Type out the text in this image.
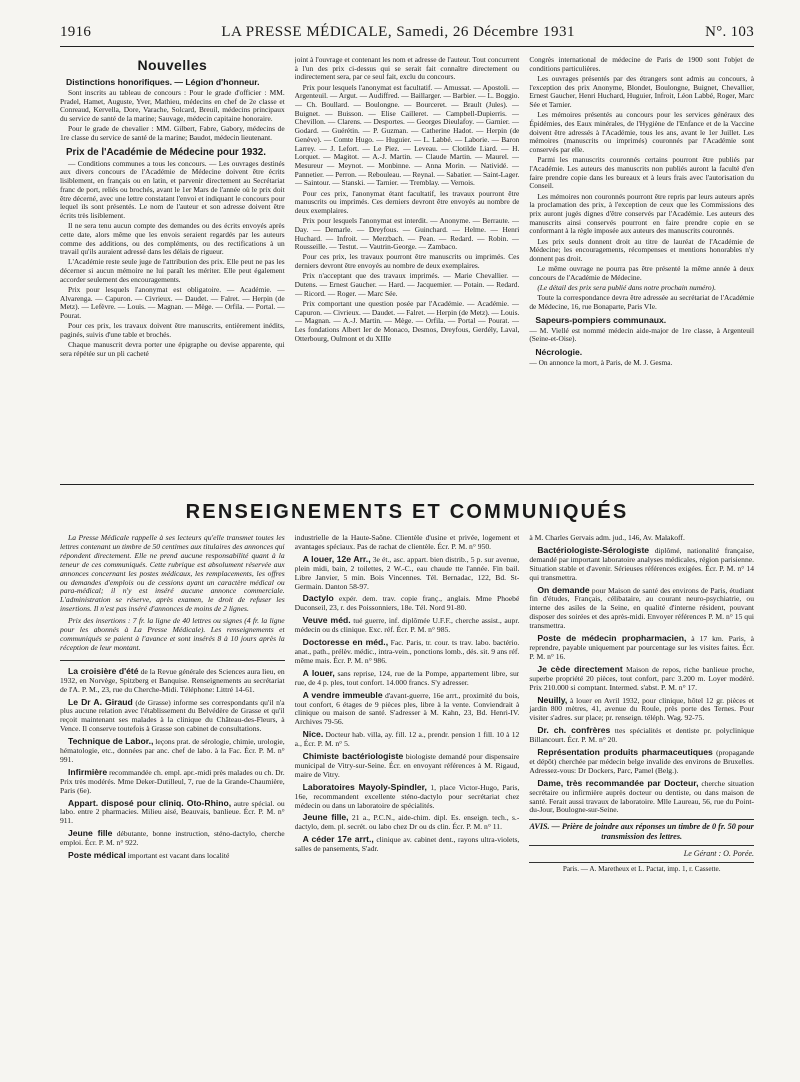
1916	LA PRESSE MÉDICALE, Samedi, 26 Décembre 1931	N°. 103
Nouvelles
Distinctions honorifiques. — Légion d'honneur.

Sont inscrits au tableau de concours : Pour le grade d'officier : MM. Pradel, Hamet, Auguste, Yver, Mathieu, médecins en chef de 2e classe et Conreaud, Kervella, Dore, Varache, Solcard, Breuil, médecins principaux du service de santé de la marine; Sauvage, médecin capitaine honoraire.

Pour le grade de chevalier : MM. Gilbert, Fabre, Gabory, médecins de 1re classe du service de santé de la marine; Baudot, médecin lieutenant.

Prix de l'Académie de Médecine pour 1932.

— Conditions communes a tous les concours. — Les ouvrages destinés aux divers concours de l'Académie de Médecine doivent être écrits lisiblement, en français ou en latin, et parvenir directement au Secrétariat franc de port, reliés ou brochés, avant le 1er Mars de l'année où le prix doit être décerné, avec une lettre constatant l'envoi et indiquant le concours pour lequel ils sont présentés. Le nom de l'auteur et son adresse doivent être écrits très lisiblement.

Il ne sera tenu aucun compte des demandes ou des écrits envoyés après cette date, alors même que les envois seraient regardés par les auteurs comme des additions, ou des compléments, ou des rectifications à un travail qu'ils auraient adressé dans les délais de rigueur.

L'Académie reste seule juge de l'attribution des prix. Elle peut ne pas les décerner si aucun mémoire ne lui paraît les mériter. Elle peut également accorder seulement des encouragements.

Prix pour lesquels l'anonymat est obligatoire. — Académie. — Alvarenga. — Capuron. — Civrieux. — Daudet. — Falret. — Herpin (de Metz). — Lefèvre. — Louis. — Magnan. — Mège. — Orfila. — Portal. — Pourat.

Pour ces prix, les travaux doivent être manuscrits, entièrement inédits, paginés, suivis d'une table et brochés.

Chaque manuscrit devra porter une épigraphe ou devise apparente, qui sera répétée sur un pli cacheté

joint à l'ouvrage et contenant les nom et adresse de l'auteur. Tout concurrent à l'un des prix ci-dessus qui se serait fait connaître directement ou indirectement sera, par ce seul fait, exclu du concours.

Prix pour lesquels l'anonymat est facultatif. — Amussat. — Apostoli. — Argenteuil. — Argut. — Audiffred. — Baillarger. — Barbier. — L. Boggio. — Ch. Boullard. — Boulongne. — Bourceret. — Brault (Jules). — Buignet. — Buisson. — Elise Cailleret. — Campbell-Dupierris. — Chevillon. — Clarens. — Desportes. — Georges Dieulafoy. — Garnier. — Godard. — Guérétin. — P. Guzman. — Catherine Hadot. — Herpin (de Genève). — Comte Hugo. — Huguier. — L. Labbé. — Laborie. — Baron Larrey. — J. Lefort. — Le Piez. — Leveau. — Clotilde Liard. — H. Lorquet. — Magitot. — A.-J. Martin. — Claude Martin. — Maurel. — Mesureur — Meynot. — Monbinne. — Anna Morin. — Natividé. — Pannetier. — Perron. — Rebouleau. — Reynal. — Sabatier. — Saint-Lager. — Saintour. — Stanski. — Tarnier. — Tremblay. — Vernois.

Pour ces prix, l'anonymat étant facultatif, les travaux pourront être manuscrits ou imprimés. Ces derniers devront être envoyés au nombre de deux exemplaires.

Prix pour lesquels l'anonymat est interdit. — Anonyme. — Berraute. — Day. — Demarle. — Dreyfous. — Guinchard. — Helme. — Henri Huchard. — Infroit. — Merzbach. — Pean. — Redard. — Robin. — Rousseille. — Testut. — Vautrin-George. — Zambaco.

Pour ces prix, les travaux pourront être manuscrits ou imprimés. Ces derniers devront être envoyés au nombre de deux exemplaires.

Prix n'acceptant que des travaux imprimés. — Marie Chevallier. — Dutens. — Ernest Gaucher. — Hard. — Jacquemier. — Potain. — Redard. — Ricord. — Roger. — Marc Sée.

Prix comportant une question posée par l'Académie. — Académie. — Capuron. — Civrieux. — Daudet. — Falret. — Herpin (de Metz). — Louis. — Magnan. — A.-J. Martin. — Mège. — Orfila. — Portal — Pourat. — Les fondations Albert Ier de Monaco, Desmos, Dreyfous, Gerdély, Laval, Otterbourg, Oulmont et du XIIIe

Congrès international de médecine de Paris de 1900 sont l'objet de conditions particulières.

Les ouvrages présentés par des étrangers sont admis au concours, à l'exception des prix Anonyme, Blondet, Boulongne, Buignet, Chevallier, Ernest Gaucher, Henri Huchard, Huguier, Infroit, Léon Labbé, Roger, Marc Sée et Tarnier.

Les mémoires présentés au concours pour les services généraux des Épidémies, des Eaux minérales, de l'Hygiène de l'Enfance et de la Vaccine doivent être adressés à l'Académie, tous les ans, avant le 1er Juillet. Les mémoires (manuscrits ou imprimés) couronnés par l'Académie sont conservés par elle.

Parmi les manuscrits couronnés certains pourront être publiés par l'Académie. Les auteurs des manuscrits non publiés auront la faculté d'en faire prendre copie dans les bureaux et à leurs frais avec l'autorisation du Conseil.

Les mémoires non couronnés pourront être repris par leurs auteurs après la proclamation des prix, à l'exception de ceux que les Commissions des prix auront jugés dignes d'être conservés par l'Académie. Les auteurs des manuscrits ainsi conservés pourront en faire prendre copie en se conformant à la règle imposée aux auteurs des manuscrits couronnés.

Les prix seuls donnent droit au titre de lauréat de l'Académie de Médecine; les encouragements, récompenses et mentions honorables n'y donnent pas droit.

Le même ouvrage ne pourra pas être présenté la même année à deux concours de l'Académie de Médecine.

(Le détail des prix sera publié dans notre prochain numéro).

Toute la correspondance devra être adressée au secrétariat de l'Académie de Médecine, 16, rue Bonaparte, Paris VIe.

Sapeurs-pompiers communaux.

— M. Viellé est nommé médecin aide-major de 1re classe, à Argenteuil (Seine-et-Oise).

Nécrologie.

— On annonce la mort, à Paris, de M. J. Gesma.

RENSEIGNEMENTS ET COMMUNIQUÉS

La Presse Médicale rappelle à ses lecteurs qu'elle transmet toutes les lettres contenant un timbre de 50 centimes aux titulaires des annonces qui répondent directement. Elle ne prend aucune responsabilité quant à la teneur de ces communiqués. Cette rubrique est absolument réservée aux annonces concernant les postes médicaux, les remplacements, les offres ou demandes d'emplois ou de cessions ayant un caractère médical ou para-médical; il n'y est inséré aucune annonce commerciale. L'administration se réserve, après examen, le droit de refuser les insertions. Il n'est pas inséré d'annonces de moins de 2 lignes.

Prix des insertions : 7 fr. la ligne de 40 lettres ou signes (4 fr. la ligne pour les abonnés à La Presse Médicale). Les renseignements et communiqués se paient à l'avance et sont insérés 8 à 10 jours après la réception de leur montant.

La croisière d'été de la Revue générale des Sciences aura lieu, en 1932, en Norvège, Spitzberg et Banquise. Renseignements au secrétariat de l'A. P. M., 23, rue du Cherche-Midi. Téléphone: Littré 14-61.

Le Dr A. Giraud (de Grasse) informe ses correspondants qu'il n'a plus aucune relation avec l'établissement du Belvédère de Grasse et qu'il reçoit maintenant ses malades à la clinique du Château-des-Fleurs, à Vence. Il conserve toutefois à Grasse son cabinet de consultations.

Technique de Labor., leçons prat. de sérologie, chimie, urologie, hématologie, etc., données par anc. chef de labo. à la Fac. Écr. P. M. n° 991.

Infirmière recommandée ch. empl. apr.-midi près malades ou ch. Dr. Prix très modérés. Mme Deker-Dutilleul, 7, rue de la Grande-Chaumière, Paris (6e).

Appart. disposé pour cliniq. Oto-Rhino, autre spécial. ou labo. entre 2 pharmacies. Milieu aisé, Beauvais, banlieue. Écr. P. M. n° 911.

Jeune fille débutante, bonne instruction, sténo-dactylo, cherche emploi. Écr. P. M. n° 922.

Poste médical important est vacant dans localité

industrielle de la Haute-Saône. Clientèle d'usine et privée, logement et avantages spéciaux. Pas de rachat de clientèle. Écr. P. M. n° 950.

A louer, 12e Arr., 3e ét., asc. appart. bien distrib., 5 p. sur avenue, plein midi, bain, 2 toilettes, 2 W.-C., eau chaude tte l'année. Fin bail. Libre Janvier, 5 min. Bois Vincennes. Tél. Bernadac, 122, Bd. St-Germain. Danton 58-97.

Dactylo expér. dem. trav. copie franç., anglais. Mme Phoebé Duconseil, 23, r. des Poissonniers, 18e. Tél. Nord 91-80.

Veuve méd. tué guerre, inf. diplômée U.F.F., cherche assist., aupr. médecin ou ds clinique. Exc. réf. Écr. P. M. n° 985.

Doctoresse en méd., Fac. Paris, tr. cour. ts trav. labo. bactério. anat., path., prélèv. médic., intra-vein., ponctions lomb., dés. sit. 9 ans réf. même mais. Écr. P. M. n° 986.

A louer, sans reprise, 124, rue de la Pompe, appartement libre, sur rue, de 4 p. ples, tout confort. 14.000 francs. S'y adresser.

A vendre immeuble d'avant-guerre, 16e arrt., proximité du bois, tout confort, 6 étages de 9 pièces ples, libre à la vente. Conviendrait à clinique ou maison de santé. S'adresser à M. Kahn, 23, Bd. Henri-IV. Archives 79-56.

Nice. Docteur hab. villa, ay. fill. 12 a., prendr. pension 1 fill. 10 à 12 a., Écr. P. M. n° 5.

Chimiste bactériologiste biologiste demandé pour dispensaire municipal de Vitry-sur-Seine. Écr. en envoyant références à M. Rigaud, maire de Vitry.

Laboratoires Mayoly-Spindler, 1, place Victor-Hugo, Paris, 16e, recommandent excellente sténo-dactylo pour secrétariat chez médecin ou dans un laboratoire de spécialités.

Jeune fille, 21 a., P.C.N., aide-chim. dipl. Es. enseign. tech., s.-dactylo, dem. pl. secrét. ou labo chez Dr ou ds clin. Écr. P. M. n° 11.

A céder 17e arrt., clinique av. cabinet dent., rayons ultra-violets, salles de pansements, S'adr.

à M. Charles Gervais adm. jud., 146, Av. Malakoff.

Bactériologiste-Sérologiste diplômé, nationalité française, demandé par important laboratoire analyses médicales, région parisienne. Situation stable et d'avenir. Sérieuses références exigées. Écr. P. M. n° 14 qui transmettra.

On demande pour Maison de santé des environs de Paris, étudiant fin d'études, Français, célibataire, au courant neuro-psychiatrie, ou interne des asiles de la Seine, en qualité d'interne résident, pouvant disposer des soirées et des après-midi. Envoyer références P. M. n° 15 qui transmettra.

Poste de médecin propharmacien, à 17 km. Paris, à reprendre, payable uniquement par pourcentage sur les visites faites. Écr. P. M. n° 16.

Je cède directement Maison de repos, riche banlieue proche, superbe propriété 20 pièces, tout confort, parc 3.200 m. Loyer modéré. Prix 210.000 si comptant. Intermed. s'abst. P. M. n° 17.

Neuilly, à louer en Avril 1932, pour clinique, hôtel 12 gr. pièces et jardin 800 mètres, 41, avenue du Roule, près porte des Ternes. Pour visiter s'adres. sur place; pr. renseign. téléph. Wag. 92-75.

Dr. ch. confrères ttes spécialités et dentiste pr. polyclinique Billancourt. Écr. P. M. n° 20.

Représentation produits pharmaceutiques (propagande et dépôt) cherchée par médecin belge invalide des environs de Bruxelles. Adressez-vous: Dr Dockers, Parc, Pamel (Belg.).

Dame, très recommandée par Docteur, cherche situation secrétaire ou infirmière auprès docteur ou dentiste, ou dans maison de santé. Ferait aussi travaux de laboratoire. Mlle Laureau, 56, rue du Point-du-Jour, Boulogne-sur-Seine.

AVIS. — Prière de joindre aux réponses un timbre de 0 fr. 50 pour transmission des lettres.
Le Gérant : O. Porée.
Paris. — A. Maretheux et L. Pactat, imp. 1, r. Cassette.
